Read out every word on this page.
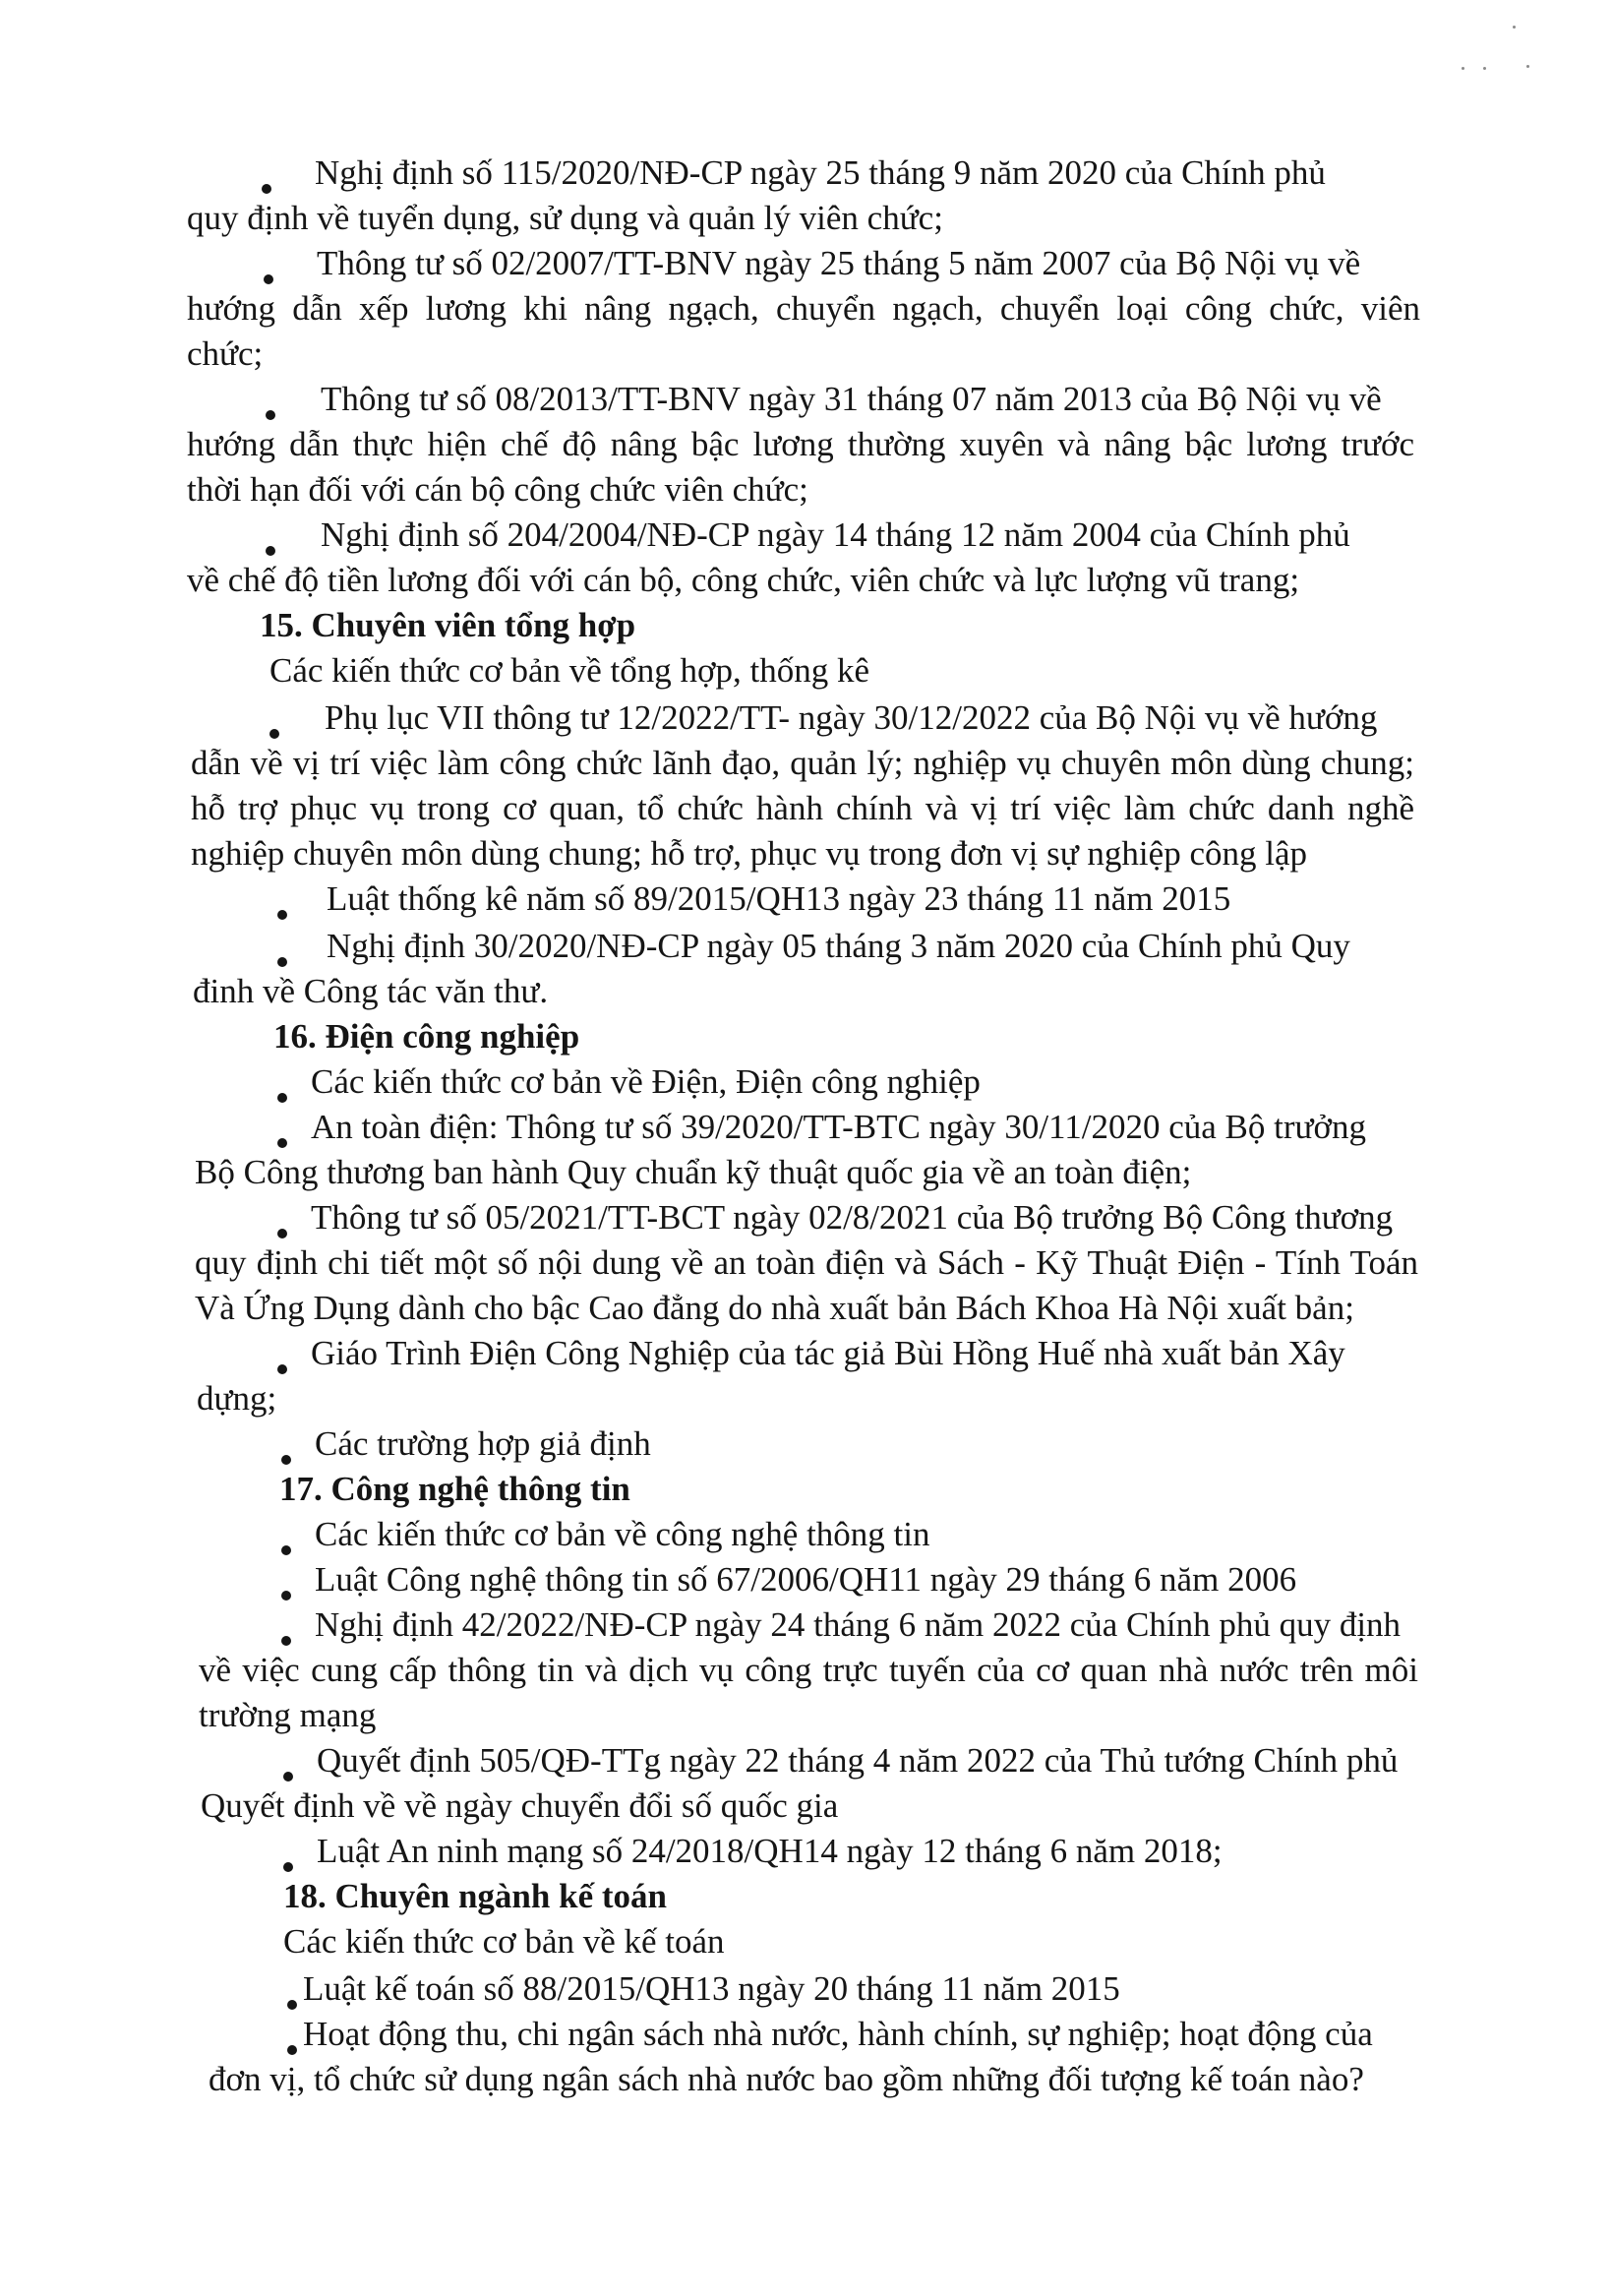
Nghị định số 115/2020/NĐ-CP ngày 25 tháng 9 năm 2020 của Chính phủ
quy định về tuyển dụng, sử dụng và quản lý viên chức;
Thông tư số 02/2007/TT-BNV ngày 25 tháng 5 năm 2007 của Bộ Nội vụ về
hướng dẫn xếp lương khi nâng ngạch, chuyển ngạch, chuyển loại công chức, viên
chức;
Thông tư số 08/2013/TT-BNV ngày 31 tháng 07 năm 2013 của Bộ Nội vụ về
hướng dẫn thực hiện chế độ nâng bậc lương thường xuyên và nâng bậc lương trước
thời hạn đối với cán bộ công chức viên chức;
Nghị định số 204/2004/NĐ-CP ngày 14 tháng 12 năm 2004 của Chính phủ
về chế độ tiền lương đối với cán bộ, công chức, viên chức và lực lượng vũ trang;
15. Chuyên viên tổng hợp
Các kiến thức cơ bản về tổng hợp, thống kê
Phụ lục VII thông tư 12/2022/TT- ngày 30/12/2022 của Bộ Nội vụ về hướng
dẫn về vị trí việc làm công chức lãnh đạo, quản lý; nghiệp vụ chuyên môn dùng chung;
hỗ trợ phục vụ trong cơ quan, tổ chức hành chính và vị trí việc làm chức danh nghề
nghiệp chuyên môn dùng chung; hỗ trợ, phục vụ trong đơn vị sự nghiệp công lập
Luật thống kê năm số 89/2015/QH13 ngày 23 tháng 11 năm 2015
Nghị định 30/2020/NĐ-CP ngày 05 tháng 3 năm 2020 của Chính phủ Quy
đinh về Công tác văn thư.
16. Điện công nghiệp
Các kiến thức cơ bản về Điện, Điện công nghiệp
An toàn điện: Thông tư số 39/2020/TT-BTC ngày 30/11/2020 của Bộ trưởng
Bộ Công thương ban hành Quy chuẩn kỹ thuật quốc gia về an toàn điện;
Thông tư số 05/2021/TT-BCT ngày 02/8/2021 của Bộ trưởng Bộ Công thương
quy định chi tiết một số nội dung về an toàn điện và Sách - Kỹ Thuật Điện - Tính Toán
Và Ứng Dụng dành cho bậc Cao đẳng do nhà xuất bản Bách Khoa Hà Nội xuất bản;
Giáo Trình Điện Công Nghiệp của tác giả Bùi Hồng Huế nhà xuất bản Xây
dựng;
Các trường hợp giả định
17. Công nghệ thông tin
Các kiến thức cơ bản về công nghệ thông tin
Luật Công nghệ thông tin số 67/2006/QH11 ngày 29 tháng 6 năm 2006
Nghị định 42/2022/NĐ-CP ngày 24 tháng 6 năm 2022 của Chính phủ quy định
về việc cung cấp thông tin và dịch vụ công trực tuyến của cơ quan nhà nước trên môi
trường mạng
Quyết định 505/QĐ-TTg ngày 22 tháng 4 năm 2022 của Thủ tướng Chính phủ
Quyết định về về ngày chuyển đổi số quốc gia
Luật An ninh mạng số 24/2018/QH14 ngày 12 tháng 6 năm 2018;
18. Chuyên ngành kế toán
Các kiến thức cơ bản về kế toán
Luật kế toán số 88/2015/QH13 ngày 20 tháng 11 năm 2015
Hoạt động thu, chi ngân sách nhà nước, hành chính, sự nghiệp; hoạt động của
đơn vị, tổ chức sử dụng ngân sách nhà nước bao gồm những đối tượng kế toán nào?
